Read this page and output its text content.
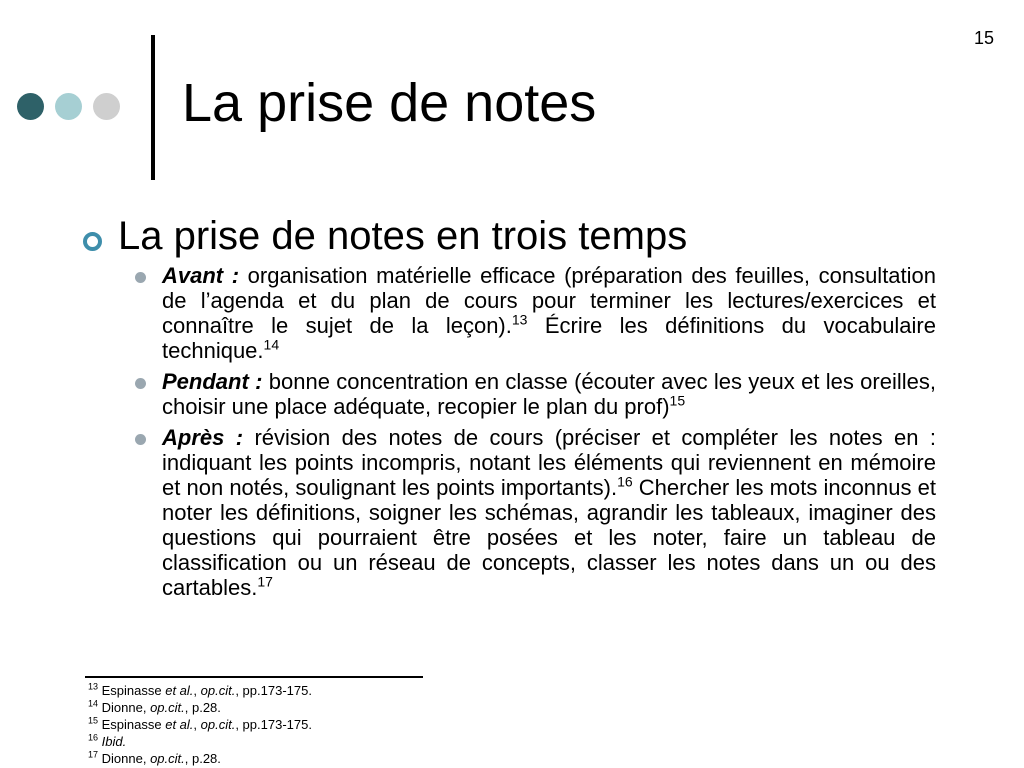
15
La prise de notes
La prise de notes en trois temps
Avant : organisation matérielle efficace (préparation des feuilles, consultation de l’agenda et du plan de cours pour terminer les lectures/exercices et connaître le sujet de la leçon).$^{13}$ Écrire les définitions du vocabulaire technique.$^{14}$
Pendant : bonne concentration en classe (écouter avec les yeux et les oreilles, choisir une place adéquate, recopier le plan du prof)$^{15}$
Après : révision des notes de cours (préciser et compléter les notes en : indiquant les points incompris, notant les éléments qui reviennent en mémoire et non notés, soulignant les points importants).$^{16}$ Chercher les mots inconnus et noter les définitions, soigner les schémas, agrandir les tableaux, imaginer des questions qui pourraient être posées et les noter, faire un tableau de classification ou un réseau de concepts, classer les notes dans un ou des cartables.$^{17}$
$^{13}$ Espinasse et al., op.cit., pp.173-175.
$^{14}$ Dionne, op.cit., p.28.
$^{15}$ Espinasse et al., op.cit., pp.173-175.
$^{16}$ Ibid.
$^{17}$ Dionne, op.cit., p.28.
